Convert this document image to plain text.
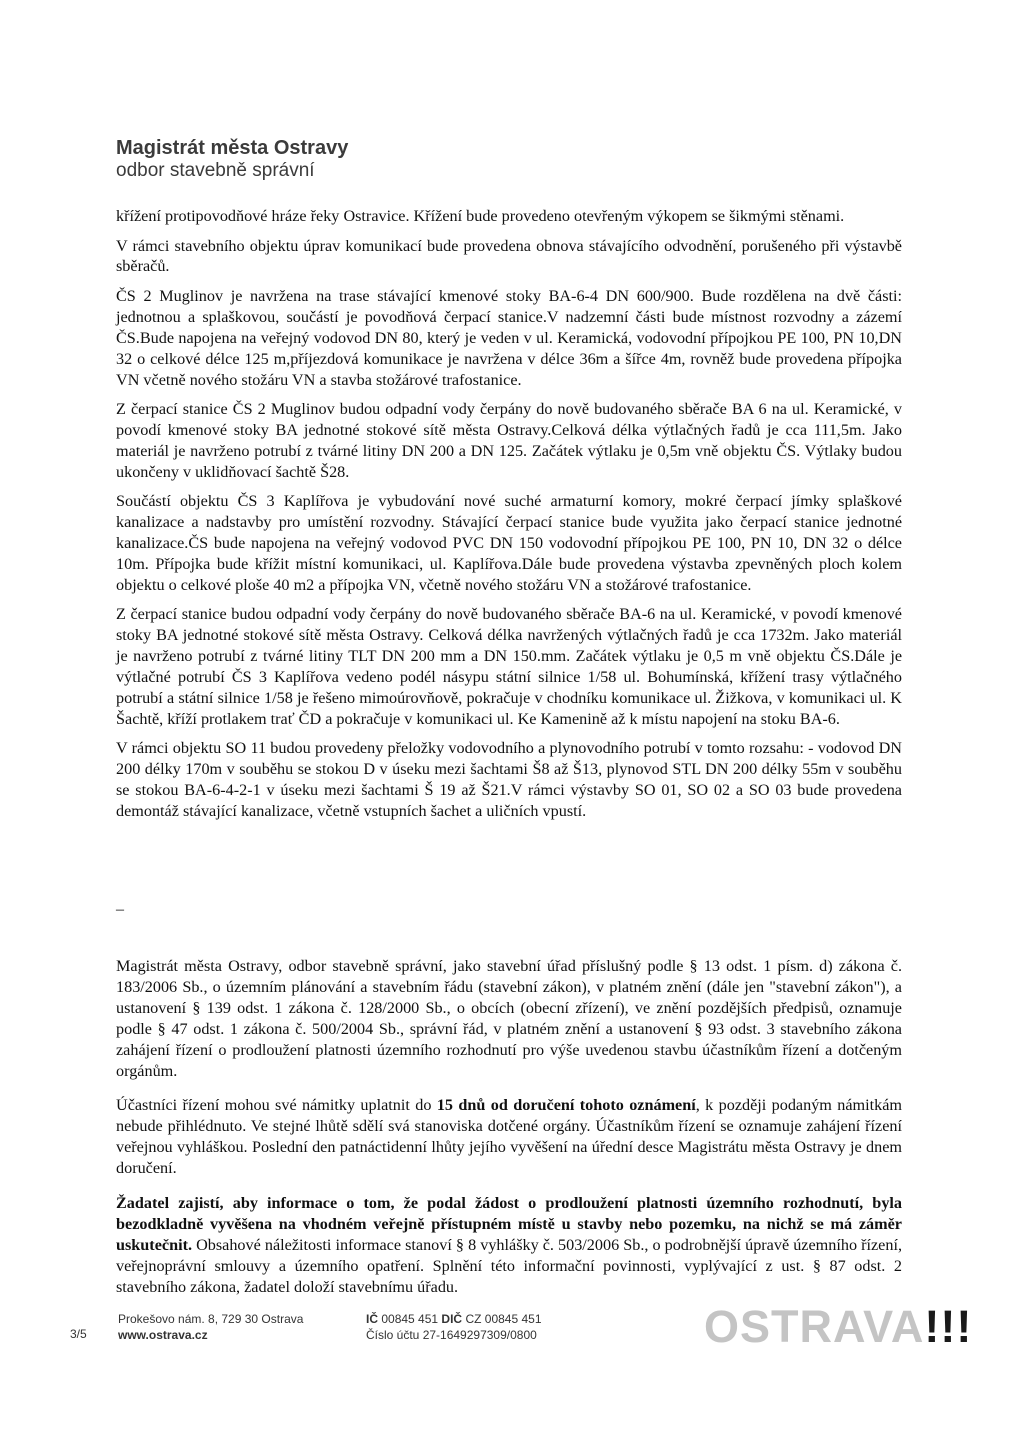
Magistrát města Ostravy
odbor stavebně správní

křížení protipovodňové hráze řeky Ostravice. Křížení bude provedeno otevřeným výkopem se šikmými stěnami.

V rámci stavebního objektu úprav komunikací bude provedena obnova stávajícího odvodnění, porušeného při výstavbě sběračů.

ČS 2 Muglinov je navržena na trase stávající kmenové stoky BA-6-4 DN 600/900. Bude rozdělena na dvě části: jednotnou a splaškovou, součástí je povodňová čerpací stanice.V nadzemní části bude místnost rozvodny a zázemí ČS.Bude napojena na veřejný vodovod DN 80, který je veden v ul. Keramická, vodovodní přípojkou PE 100, PN 10,DN 32 o celkové délce 125 m,příjezdová komunikace je navržena v délce 36m a šířce 4m, rovněž bude provedena přípojka VN včetně nového stožáru VN a stavba stožárové trafostanice.

Z čerpací stanice ČS 2 Muglinov budou odpadní vody čerpány do nově budovaného sběrače BA 6 na ul. Keramické, v povodí kmenové stoky BA jednotné stokové sítě města Ostravy.Celková délka výtlačných řadů je cca 111,5m. Jako materiál je navrženo potrubí z tvárné litiny DN 200 a DN 125. Začátek výtlaku je 0,5m vně objektu ČS. Výtlaky budou ukončeny v uklidňovací šachtě Š28.

Součástí objektu ČS 3 Kaplířova je vybudování nové suché armaturní komory, mokré čerpací jímky splaškové kanalizace a nadstavby pro umístění rozvodny. Stávající čerpací stanice bude využita jako čerpací stanice jednotné kanalizace.ČS bude napojena na veřejný vodovod PVC DN 150 vodovodní přípojkou PE 100, PN 10, DN 32 o délce 10m. Přípojka bude křížit místní komunikaci, ul. Kaplířova.Dále bude provedena výstavba zpevněných ploch kolem objektu o celkové ploše 40 m2 a přípojka VN, včetně nového stožáru VN a stožárové trafostanice.

Z čerpací stanice budou odpadní vody čerpány do nově budovaného sběrače BA-6 na ul. Keramické, v povodí kmenové stoky BA jednotné stokové sítě města Ostravy. Celková délka navržených výtlačných řadů je cca 1732m. Jako materiál je navrženo potrubí z tvárné litiny TLT DN 200 mm a DN 150.mm. Začátek výtlaku je 0,5 m vně objektu ČS.Dále je výtlačné potrubí ČS 3 Kaplířova vedeno podél násypu státní silnice 1/58 ul. Bohumínská, křížení trasy výtlačného potrubí a státní silnice 1/58 je řešeno mimoúrovňově, pokračuje v chodníku komunikace ul. Žižkova, v komunikaci ul. K Šachtě, kříží protlakem trať ČD a pokračuje v komunikaci ul. Ke Kamenině až k místu napojení na stoku BA-6.

V rámci objektu SO 11 budou provedeny přeložky vodovodního a plynovodního potrubí v tomto rozsahu: - vodovod DN 200 délky 170m v souběhu se stokou D v úseku mezi šachtami Š8 až Š13, plynovod STL DN 200 délky 55m v souběhu se stokou BA-6-4-2-1 v úseku mezi šachtami Š 19 až Š21.V rámci výstavby SO 01, SO 02 a SO 03 bude provedena demontáž stávající kanalizace, včetně vstupních šachet a uličních vpustí.

–

Magistrát města Ostravy, odbor stavebně správní, jako stavební úřad příslušný podle § 13 odst. 1 písm. d) zákona č. 183/2006 Sb., o územním plánování a stavebním řádu (stavební zákon), v platném znění (dále jen "stavební zákon"), a ustanovení § 139 odst. 1 zákona č. 128/2000 Sb., o obcích (obecní zřízení), ve znění pozdějších předpisů, oznamuje podle § 47 odst. 1 zákona č. 500/2004 Sb., správní řád, v platném znění a ustanovení § 93 odst. 3 stavebního zákona zahájení řízení o prodloužení platnosti územního rozhodnutí pro výše uvedenou stavbu účastníkům řízení a dotčeným orgánům.

Účastníci řízení mohou své námitky uplatnit do 15 dnů od doručení tohoto oznámení, k později podaným námitkám nebude přihlédnuto. Ve stejné lhůtě sdělí svá stanoviska dotčené orgány. Účastníkům řízení se oznamuje zahájení řízení veřejnou vyhláškou. Poslední den patnáctidenní lhůty jejího vyvěšení na úřední desce Magistrátu města Ostravy je dnem doručení.

Žadatel zajistí, aby informace o tom, že podal žádost o prodloužení platnosti územního rozhodnutí, byla bezodkladně vyvěšena na vhodném veřejně přístupném místě u stavby nebo pozemku, na nichž se má záměr uskutečnit. Obsahové náležitosti informace stanoví § 8 vyhlášky č. 503/2006 Sb., o podrobnější úpravě územního řízení, veřejnoprávní smlouvy a územního opatření. Splnění této informační povinnosti, vyplývající z ust. § 87 odst. 2 stavebního zákona, žadatel doloží stavebnímu úřadu.

3/5
Prokešovo nám. 8, 729 30 Ostrava
www.ostrava.cz
IČ 00845 451 DIČ CZ 00845 451
Číslo účtu 27-1649297309/0800	OSTRAVA!!!
